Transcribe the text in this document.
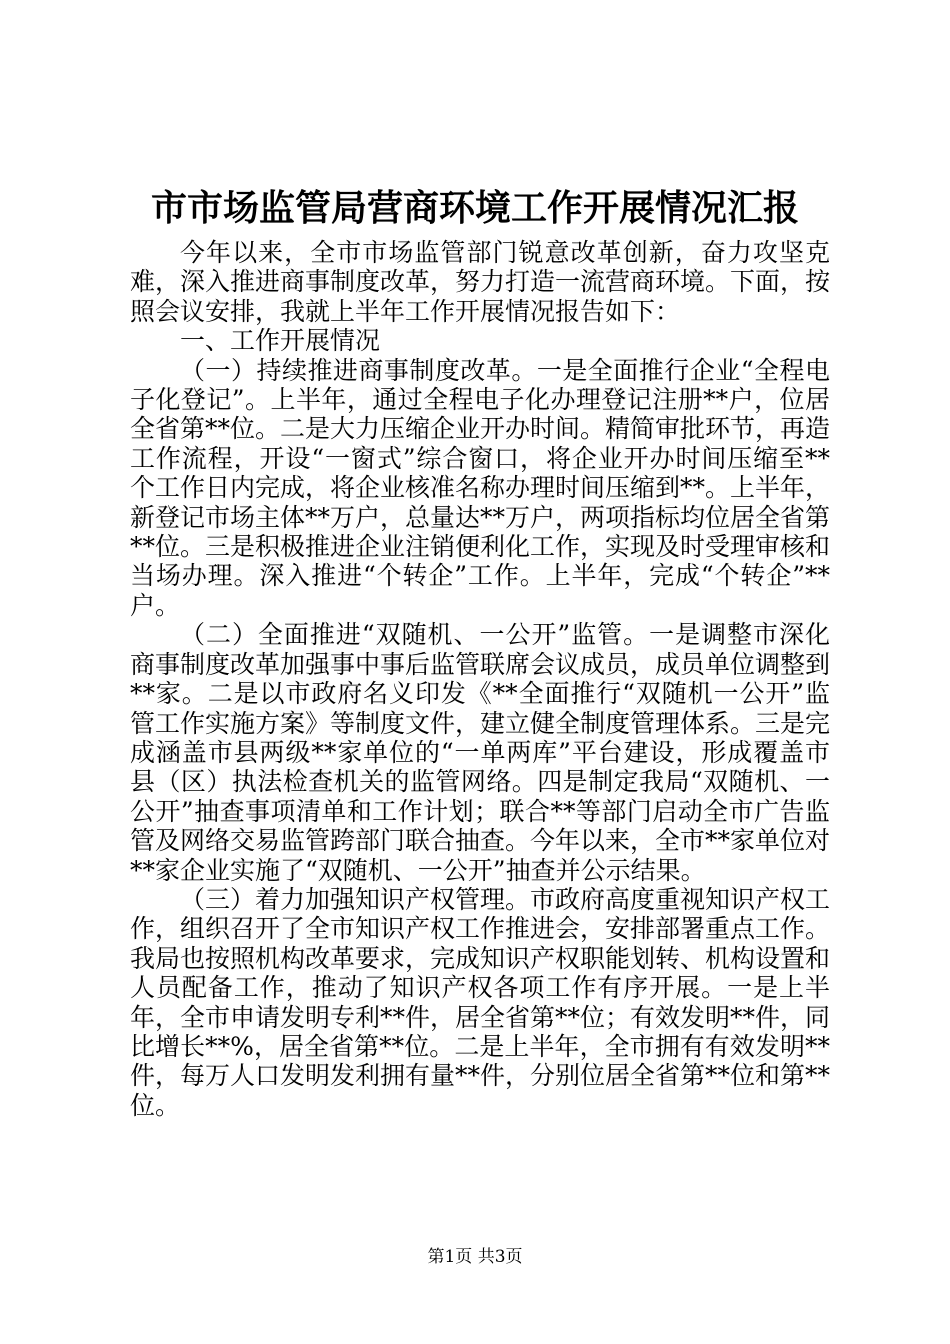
市市场监管局营商环境工作开展情况汇报

今年以来，全市市场监管部门锐意改革创新，奋力攻坚克难，深入推进商事制度改革，努力打造一流营商环境。下面，按照会议安排，我就上半年工作开展情况报告如下：

一、工作开展情况

（一）持续推进商事制度改革。一是全面推行企业“全程电子化登记”。上半年，通过全程电子化办理登记注册**户，位居全省第**位。二是大力压缩企业开办时间。精简审批环节，再造工作流程，开设“一窗式”综合窗口，将企业开办时间压缩至**个工作日内完成，将企业核准名称办理时间压缩到**。上半年，新登记市场主体**万户，总量达**万户，两项指标均位居全省第**位。三是积极推进企业注销便利化工作，实现及时受理审核和当场办理。深入推进“个转企”工作。上半年，完成“个转企”**户。

（二）全面推进“双随机、一公开”监管。一是调整市深化商事制度改革加强事中事后监管联席会议成员，成员单位调整到**家。二是以市政府名义印发《**全面推行“双随机一公开”监管工作实施方案》等制度文件，建立健全制度管理体系。三是完成涵盖市县两级**家单位的“一单两库”平台建设，形成覆盖市县（区）执法检查机关的监管网络。四是制定我局“双随机、一公开”抽查事项清单和工作计划；联合**等部门启动全市广告监管及网络交易监管跨部门联合抽查。今年以来，全市**家单位对**家企业实施了“双随机、一公开”抽查并公示结果。

（三）着力加强知识产权管理。市政府高度重视知识产权工作，组织召开了全市知识产权工作推进会，安排部署重点工作。我局也按照机构改革要求，完成知识产权职能划转、机构设置和人员配备工作，推动了知识产权各项工作有序开展。一是上半年，全市申请发明专利**件，居全省第**位；有效发明**件，同比增长**%，居全省第**位。二是上半年，全市拥有有效发明**件，每万人口发明发利拥有量**件，分别位居全省第**位和第**位。

第1页 共3页
